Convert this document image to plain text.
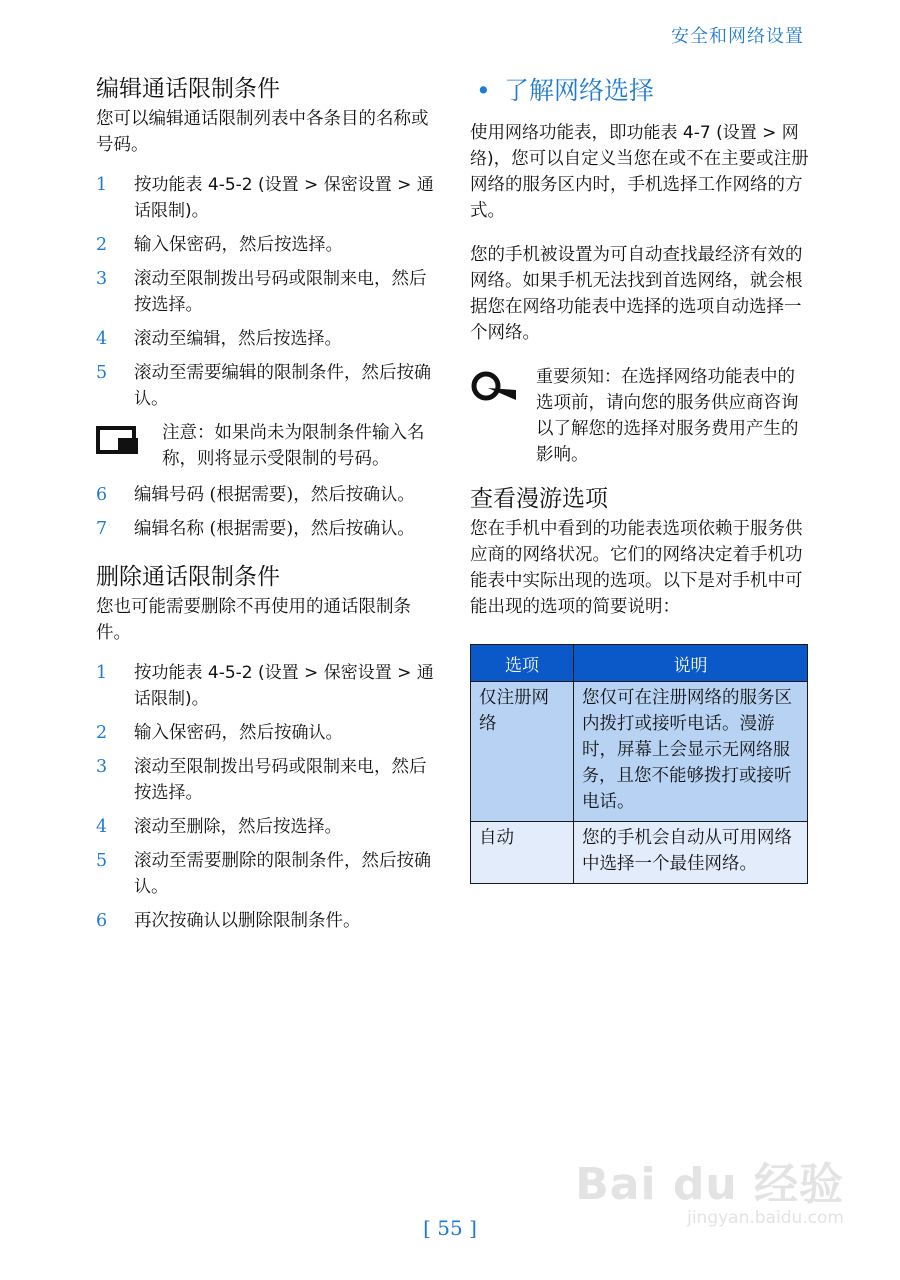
安全和网络设置
编辑通话限制条件

您可以编辑通话限制列表中各条目的名称或号码。

1 按功能表 4-5-2 (设置 > 保密设置 > 通话限制)。
2 输入保密码，然后按选择。
3 滚动至限制拨出号码或限制来电，然后按选择。
4 滚动至编辑，然后按选择。
5 滚动至需要编辑的限制条件，然后按确认。
注意：如果尚未为限制条件输入名称，则将显示受限制的号码。
6 编辑号码 (根据需要)，然后按确认。
7 编辑名称 (根据需要)，然后按确认。
删除通话限制条件

您也可能需要删除不再使用的通话限制条件。

1 按功能表 4-5-2 (设置 > 保密设置 > 通话限制)。
2 输入保密码，然后按确认。
3 滚动至限制拨出号码或限制来电，然后按选择。
4 滚动至删除，然后按选择。
5 滚动至需要删除的限制条件，然后按确认。
6 再次按确认以删除限制条件。
• 了解网络选择

使用网络功能表，即功能表 4-7 (设置 > 网络)，您可以自定义当您在或不在主要或注册网络的服务区内时，手机选择工作网络的方式。

您的手机被设置为可自动查找最经济有效的网络。如果手机无法找到首选网络，就会根据您在网络功能表中选择的选项自动选择一个网络。

重要须知：在选择网络功能表中的选项前，请向您的服务供应商咨询以了解您的选择对服务费用产生的影响。
查看漫游选项

您在手机中看到的功能表选项依赖于服务供应商的网络状况。它们的网络决定着手机功能表中实际出现的选项。以下是对手机中可能出现的选项的简要说明：

选项	说明
仅注册网络	您仅可在注册网络的服务区内拨打或接听电话。漫游时，屏幕上会显示无网络服务，且您不能够拨打或接听电话。
自动	您的手机会自动从可用网络中选择一个最佳网络。
Bai du 经验
jingyan.baidu.com
[ 55 ]
